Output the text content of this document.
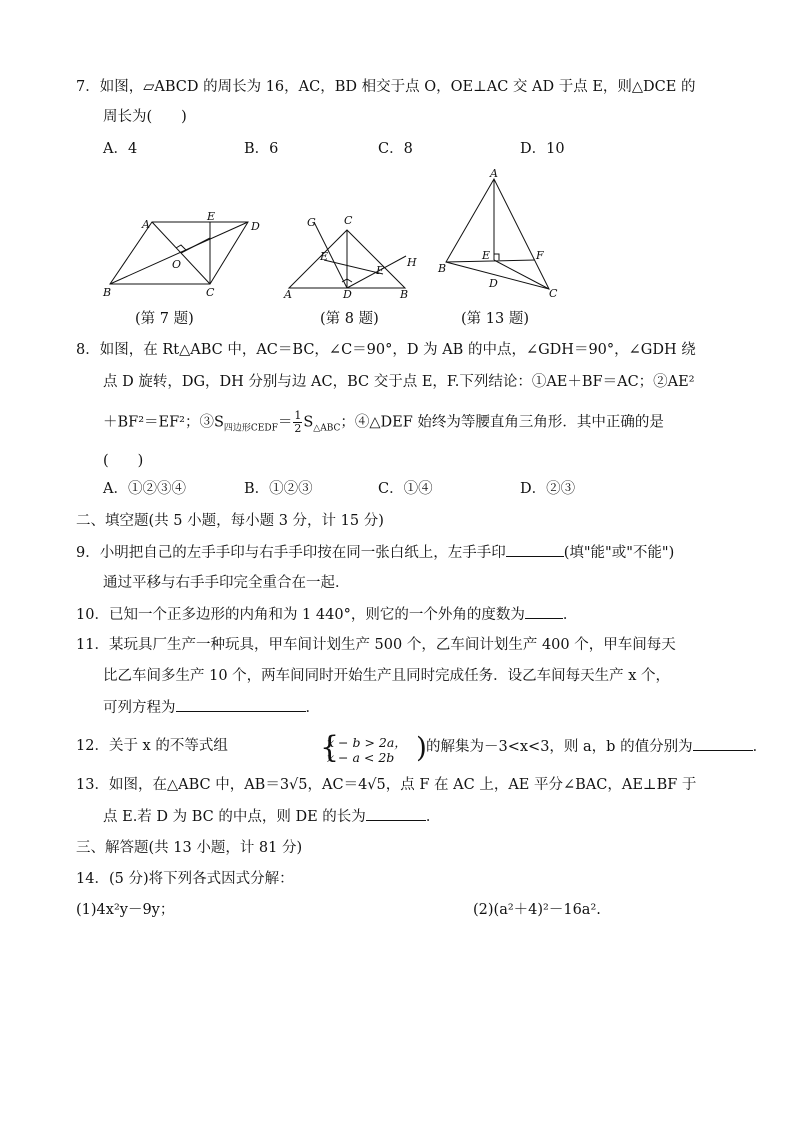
7．如图，▱ABCD 的周长为 16，AC，BD 相交于点 O，OE⊥AC 交 AD 于点 E，则△DCE 的
周长为(　　)
A．4	B．6	C．8	D．10
A
E
D
O
B	C
(第 7 题)
G	C
E
F
H
A	D	B
(第 8 题)
A
E	F
B
D
C
(第 13 题)
8．如图，在 Rt△ABC 中，AC＝BC，∠C＝90°，D 为 AB 的中点，∠GDH＝90°，∠GDH 绕
点 D 旋转，DG，DH 分别与边 AC，BC 交于点 E，F.下列结论：①AE＋BF＝AC；②AE²
＋BF²＝EF²；$③S_{四边形CEDF}= \frac{1}{2} S_{\triangle ABC}$；④△DEF 始终为等腰直角三角形．其中正确的是
(　　)
A．①②③④	B．①②③	C．①④	D．②③
二、填空题(共 5 小题，每小题 3 分，计 15 分)
9．小明把自己的左手手印与右手手印按在同一张白纸上，左手手印	(填"能"或"不能")
通过平移与右手手印完全重合在一起．
10．已知一个正多边形的内角和为 1 440°，则它的一个外角的度数为	．
11．某玩具厂生产一种玩具，甲车间计划生产 500 个，乙车间计划生产 400 个，甲车间每天
比乙车间多生产 10 个，两车间同时开始生产且同时完成任务．设乙车间每天生产 x 个，
可列方程为	．
12．关于 x 的不等式组	{
x − b > 2a，
x − a < 2b ) 的解集为－3<x<3，则 a，b 的值分别为	．
13．如图，在△ABC 中，AB＝3√5，AC＝4√5，点 F 在 AC 上，AE 平分∠BAC，AE⊥BF 于
点 E.若 D 为 BC 的中点，则 DE 的长为	．
三、解答题(共 13 小题，计 81 分)
14．(5 分)将下列各式因式分解：
(1)4x²y－9y；	(2)(a²＋4)²－16a².
